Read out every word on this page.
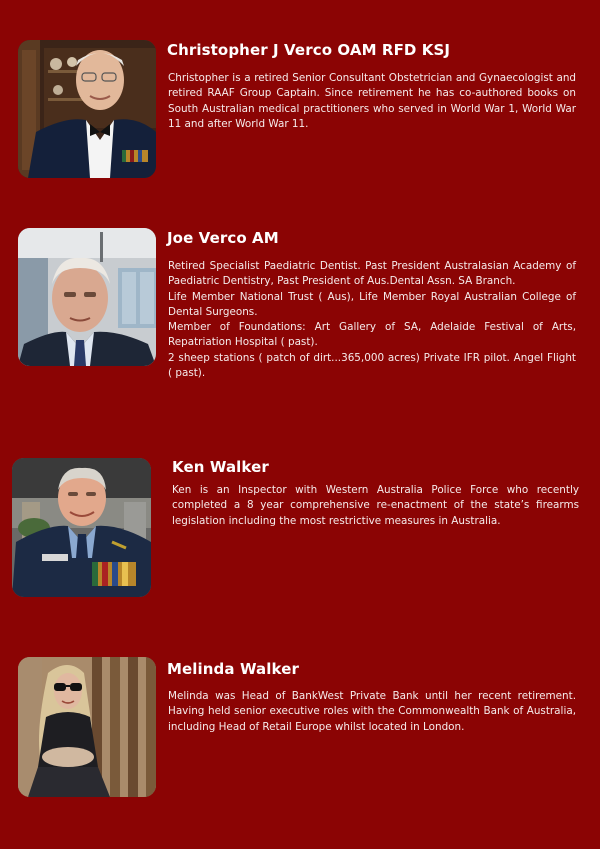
Christopher J Verco OAM RFD KSJ

Christopher is a retired Senior Consultant Obstetrician and Gynaecologist and retired RAAF Group Captain. Since retirement he has co-authored books on South Australian medical practitioners who served in World War 1, World War 11 and after World War 11.

Joe Verco AM

Retired Specialist Paediatric Dentist. Past President Australasian Academy of Paediatric Dentistry, Past President of Aus.Dental Assn. SA Branch.

Life Member National Trust ( Aus), Life Member Royal Australian College of Dental Surgeons.

Member of Foundations: Art Gallery of SA, Adelaide Festival of Arts, Repatriation Hospital ( past).

2 sheep stations ( patch of dirt...365,000 acres) Private IFR pilot. Angel Flight ( past).

Ken Walker

Ken is an Inspector with Western Australia Police Force who recently completed a 8 year comprehensive re-enactment of the state’s firearms legislation including the most restrictive measures in Australia.

Melinda Walker

Melinda was Head of BankWest Private Bank until her recent retirement. Having held senior executive roles with the Commonwealth Bank of Australia, including Head of Retail Europe whilst located in London.
